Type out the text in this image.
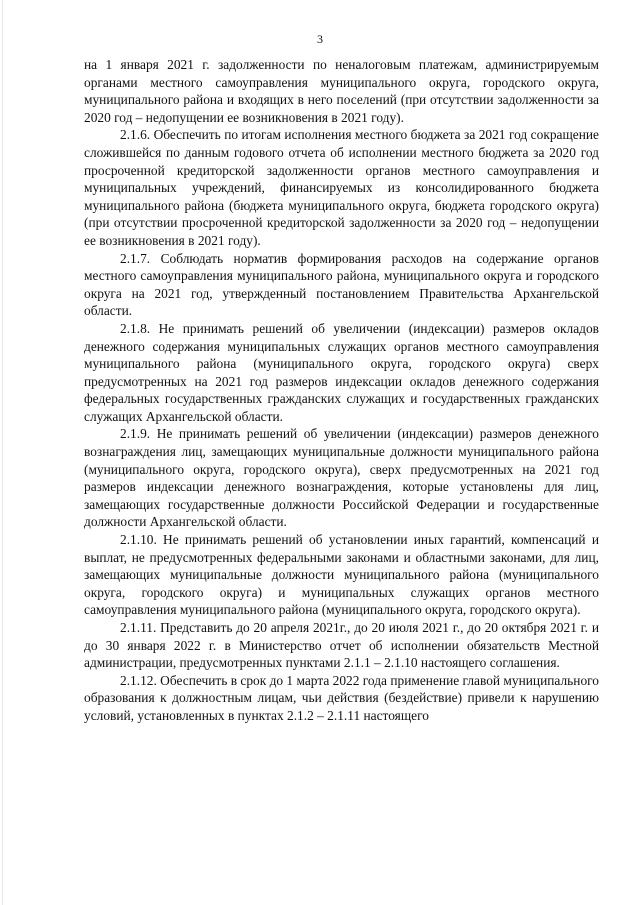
3

на 1 января 2021 г. задолженности по неналоговым платежам, администрируемым органами местного самоуправления муниципального округа, городского округа, муниципального района и входящих в него поселений (при отсутствии задолженности за 2020 год – недопущении ее возникновения в 2021 году).

2.1.6. Обеспечить по итогам исполнения местного бюджета за 2021 год сокращение сложившейся по данным годового отчета об исполнении местного бюджета за 2020 год просроченной кредиторской задолженности органов местного самоуправления и муниципальных учреждений, финансируемых из консолидированного бюджета муниципального района (бюджета муниципального округа, бюджета городского округа) (при отсутствии просроченной кредиторской задолженности за 2020 год – недопущении ее возникновения в 2021 году).

2.1.7. Соблюдать норматив формирования расходов на содержание органов местного самоуправления муниципального района, муниципального округа и городского округа на 2021 год, утвержденный постановлением Правительства Архангельской области.

2.1.8. Не принимать решений об увеличении (индексации) размеров окладов денежного содержания муниципальных служащих органов местного самоуправления муниципального района (муниципального округа, городского округа) сверх предусмотренных на 2021 год размеров индексации окладов денежного содержания федеральных государственных гражданских служащих и государственных гражданских служащих Архангельской области.

2.1.9. Не принимать решений об увеличении (индексации) размеров денежного вознаграждения лиц, замещающих муниципальные должности муниципального района (муниципального округа, городского округа), сверх предусмотренных на 2021 год размеров индексации денежного вознаграждения, которые установлены для лиц, замещающих государственные должности Российской Федерации и государственные должности Архангельской области.

2.1.10. Не принимать решений об установлении иных гарантий, компенсаций и выплат, не предусмотренных федеральными законами и областными законами, для лиц, замещающих муниципальные должности муниципального района (муниципального округа, городского округа) и муниципальных служащих органов местного самоуправления муниципального района (муниципального округа, городского округа).

2.1.11. Представить до 20 апреля 2021г., до 20 июля 2021 г., до 20 октября 2021 г. и до 30 января 2022 г. в Министерство отчет об исполнении обязательств Местной администрации, предусмотренных пунктами 2.1.1 – 2.1.10 настоящего соглашения.

2.1.12. Обеспечить в срок до 1 марта 2022 года применение главой муниципального образования к должностным лицам, чьи действия (бездействие) привели к нарушению условий, установленных в пунктах 2.1.2 – 2.1.11 настоящего
